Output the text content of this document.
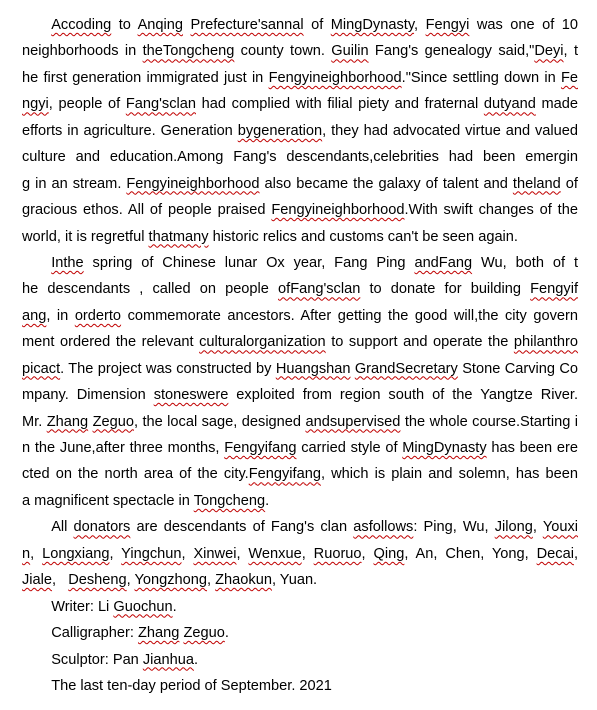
Accoding to Anqing Prefecture'sannal of MingDynasty, Fengyi was one of 10
neighborhoods in theTongcheng county town. Guilin Fang's genealogy said,"Deyi, t
he first generation immigrated just in Fengyineighborhood."Since settling down in Fe
ngyi, people of Fang'sclan had complied with filial piety and fraternal dutyand made
efforts in agriculture. Generation bygeneration, they had advocated virtue and valued
culture and education.Among Fang's descendants,celebrities had been emergin
g in an stream. Fengyineighborhood also became the galaxy of talent and theland of
gracious ethos. All of people praised Fengyineighborhood.With swift changes of the
world, it is regretful thatmany historic relics and customs can't be seen again.
Inthe spring of Chinese lunar Ox year, Fang Ping andFang Wu, both of t
he descendants , called on people ofFang'sclan to donate for building Fengyif
ang, in orderto commemorate ancestors. After getting the good will,the city govern
ment ordered the relevant culturalorganization to support and operate the philanthro
picact. The project was constructed by Huangshan GrandSecretary Stone Carving Co
mpany. Dimension stoneswere exploited from region south of the Yangtze River.
Mr. Zhang Zeguo, the local sage, designed andsupervised the whole course.Starting i
n the June,after three months, Fengyifang carried style of MingDynasty has been ere
cted on the north area of the city.Fengyifang, which is plain and solemn, has been
a magnificent spectacle in Tongcheng.
All donators are descendants of Fang's clan asfollows: Ping, Wu, Jilong, Youxi
n, Longxiang, Yingchun, Xinwei, Wenxue, Ruoruo, Qing, An, Chen, Yong, Decai,
Jiale,   Desheng, Yongzhong, Zhaokun, Yuan.
Writer: Li Guochun.
Calligrapher: Zhang Zeguo.
Sculptor: Pan Jianhua.
The last ten-day period of September. 2021
